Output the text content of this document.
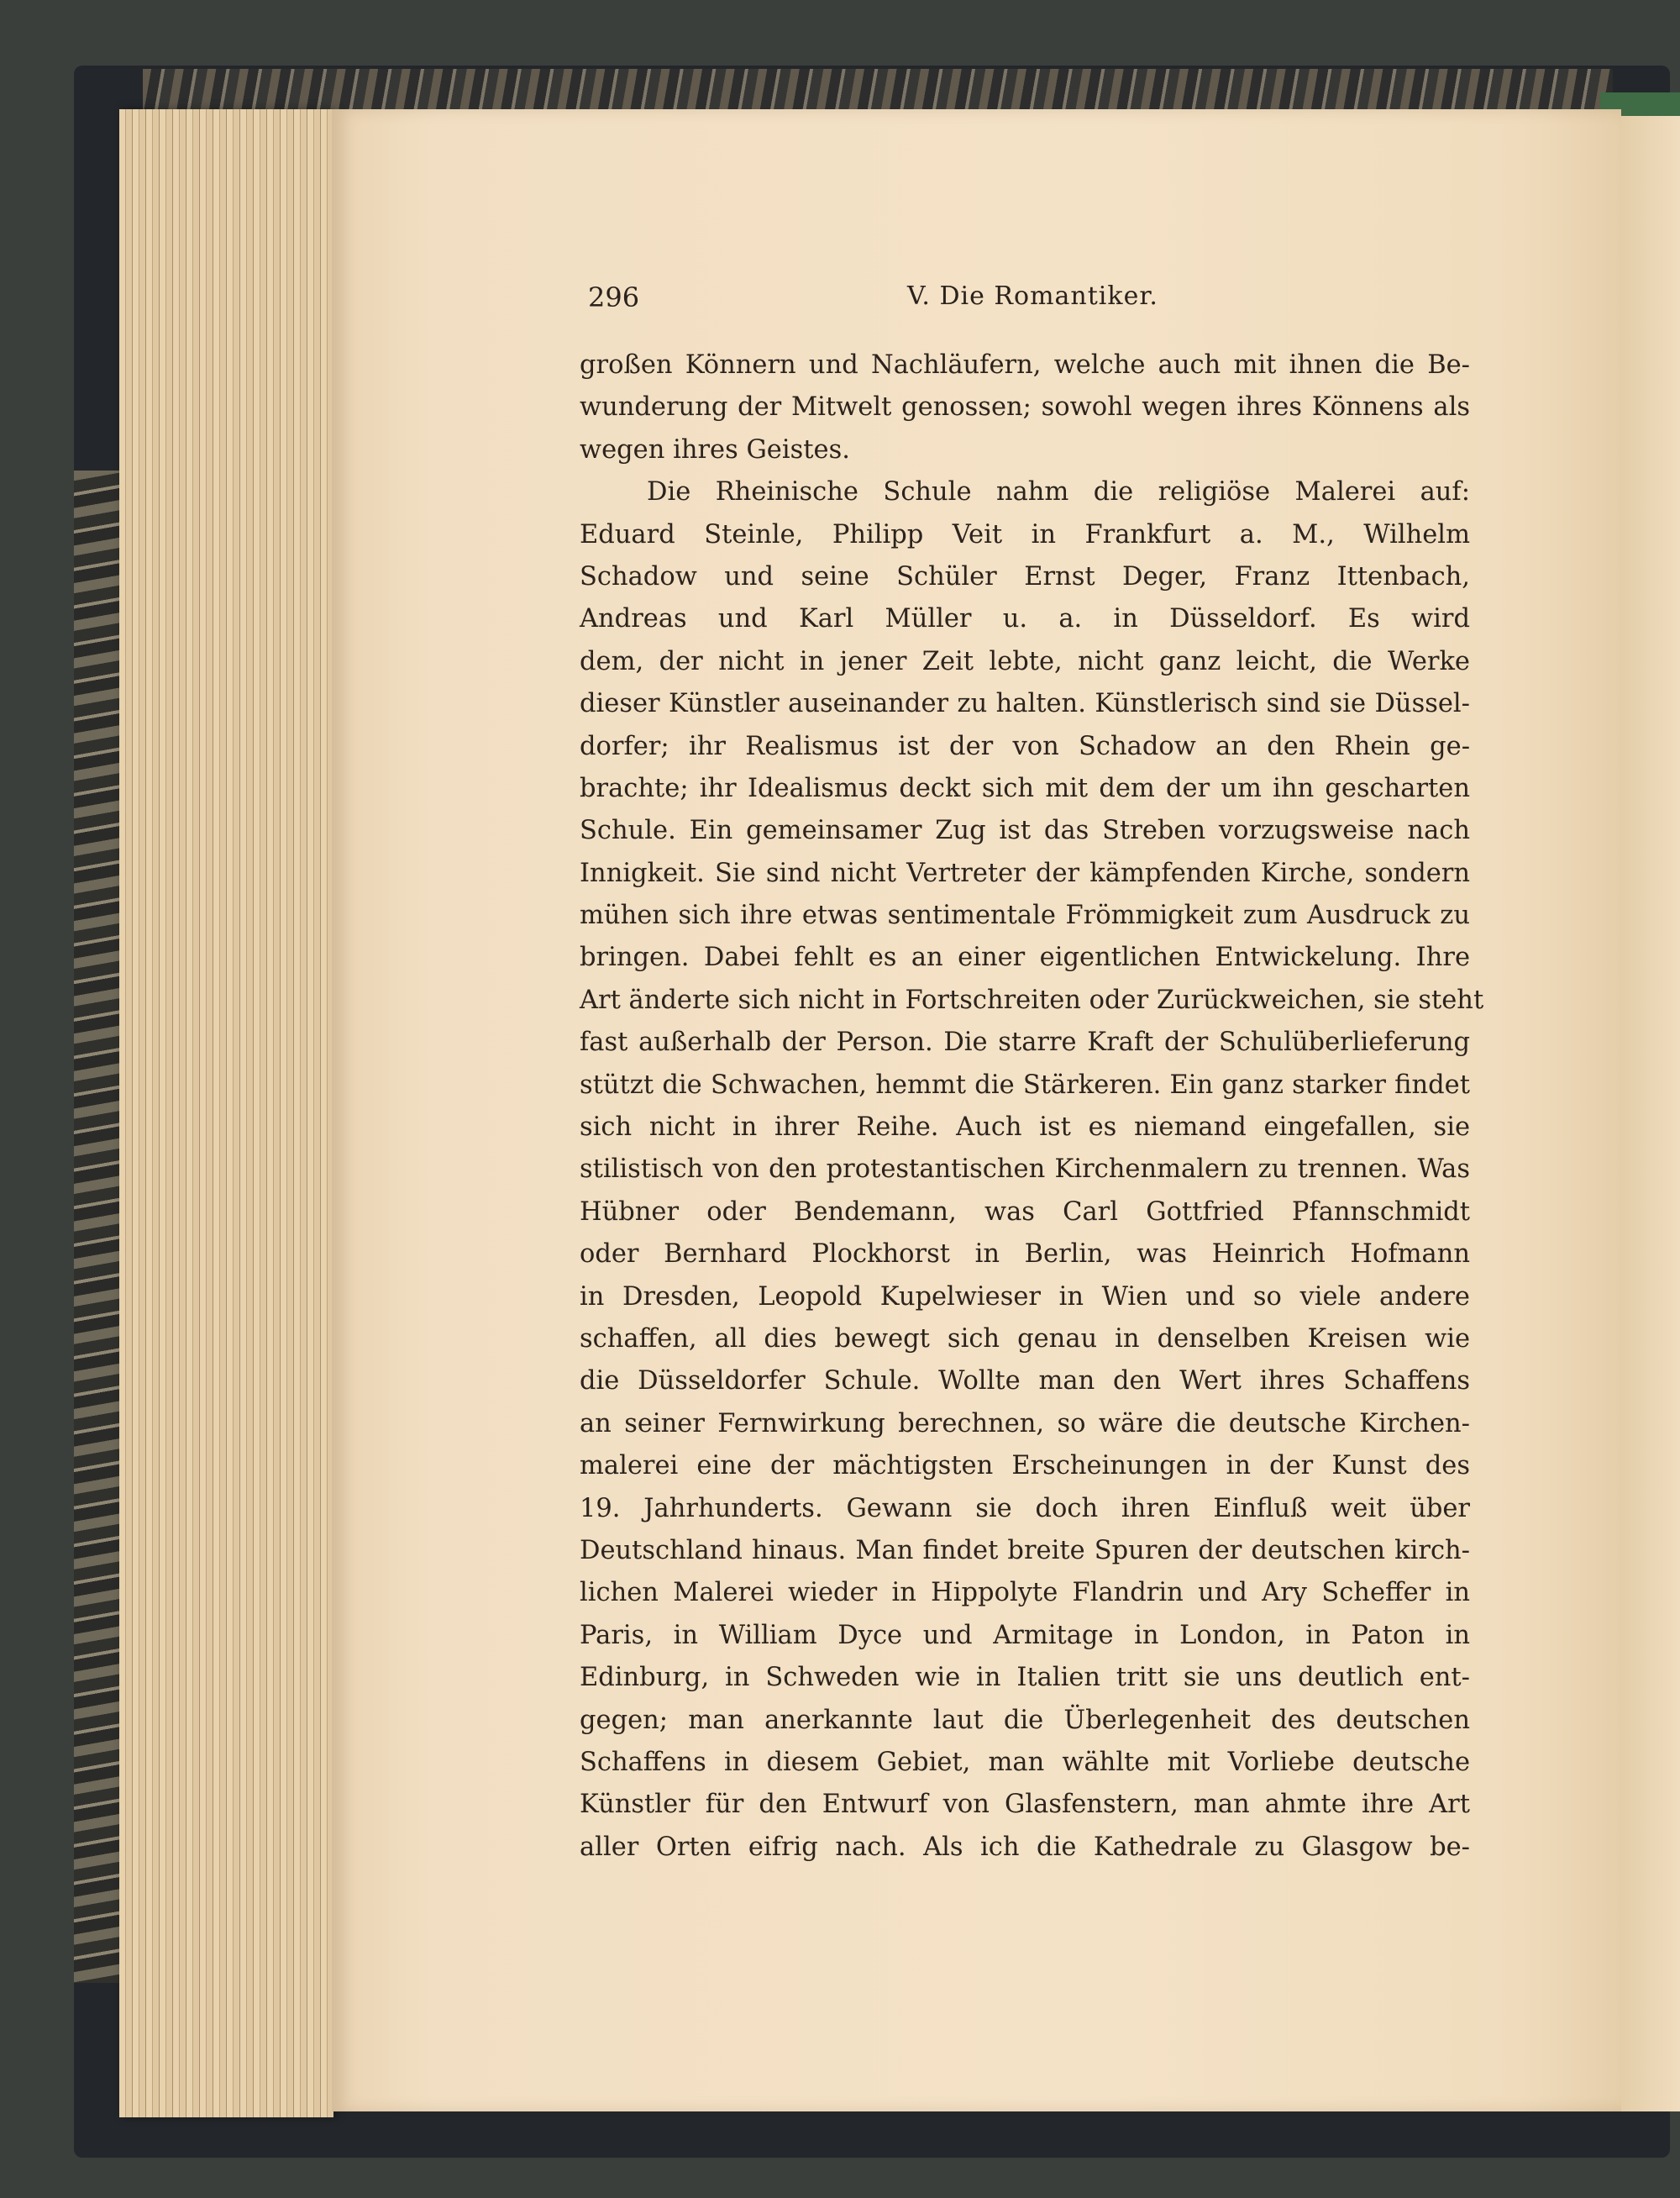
296	V. Die Romantiker.
großen Könnern und Nachläufern, welche auch mit ihnen die Be-
wunderung der Mitwelt genossen; sowohl wegen ihres Könnens als
wegen ihres Geistes.
Die Rheinische Schule nahm die religiöse Malerei auf:
Eduard Steinle, Philipp Veit in Frankfurt a. M., Wilhelm
Schadow und seine Schüler Ernst Deger, Franz Ittenbach,
Andreas und Karl Müller u. a. in Düsseldorf. Es wird
dem, der nicht in jener Zeit lebte, nicht ganz leicht, die Werke
dieser Künstler auseinander zu halten. Künstlerisch sind sie Düssel-
dorfer; ihr Realismus ist der von Schadow an den Rhein ge-
brachte; ihr Idealismus deckt sich mit dem der um ihn gescharten
Schule. Ein gemeinsamer Zug ist das Streben vorzugsweise nach
Innigkeit. Sie sind nicht Vertreter der kämpfenden Kirche, sondern
mühen sich ihre etwas sentimentale Frömmigkeit zum Ausdruck zu
bringen. Dabei fehlt es an einer eigentlichen Entwickelung. Ihre
Art änderte sich nicht in Fortschreiten oder Zurückweichen, sie steht
fast außerhalb der Person. Die starre Kraft der Schulüberlieferung
stützt die Schwachen, hemmt die Stärkeren. Ein ganz starker findet
sich nicht in ihrer Reihe. Auch ist es niemand eingefallen, sie
stilistisch von den protestantischen Kirchenmalern zu trennen. Was
Hübner oder Bendemann, was Carl Gottfried Pfannschmidt
oder Bernhard Plockhorst in Berlin, was Heinrich Hofmann
in Dresden, Leopold Kupelwieser in Wien und so viele andere
schaffen, all dies bewegt sich genau in denselben Kreisen wie
die Düsseldorfer Schule. Wollte man den Wert ihres Schaffens
an seiner Fernwirkung berechnen, so wäre die deutsche Kirchen-
malerei eine der mächtigsten Erscheinungen in der Kunst des
19. Jahrhunderts. Gewann sie doch ihren Einfluß weit über
Deutschland hinaus. Man findet breite Spuren der deutschen kirch-
lichen Malerei wieder in Hippolyte Flandrin und Ary Scheffer in
Paris, in William Dyce und Armitage in London, in Paton in
Edinburg, in Schweden wie in Italien tritt sie uns deutlich ent-
gegen; man anerkannte laut die Überlegenheit des deutschen
Schaffens in diesem Gebiet, man wählte mit Vorliebe deutsche
Künstler für den Entwurf von Glasfenstern, man ahmte ihre Art
aller Orten eifrig nach. Als ich die Kathedrale zu Glasgow be-
